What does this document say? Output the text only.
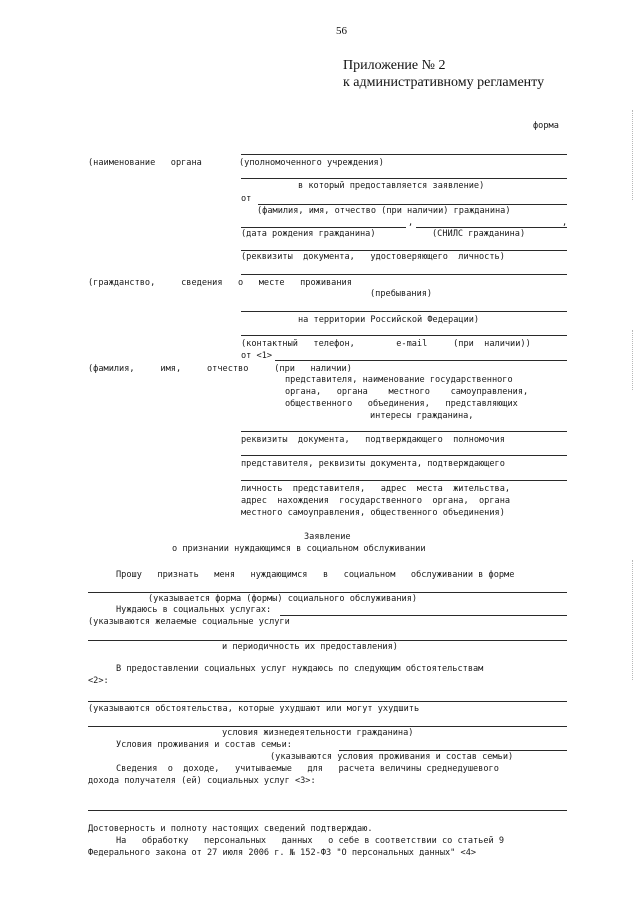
56
Приложение № 2
к административному регламенту
форма
(наименование   органа	(уполномоченного учреждения)
в который предоставляется заявление)
от
(фамилия, имя, отчество (при наличии) гражданина)
,	,
(дата рождения гражданина)	(СНИЛС гражданина)
(реквизиты  документа,   удостоверяющего  личность)
(гражданство,     сведения   о   месте   проживания
(пребывания)
на территории Российской Федерации)
(контактный   телефон,        e-mail     (при  наличии))
от <1>
(фамилия,     имя,     отчество     (при   наличии)
представителя, наименование государственного
органа,   органа    местного    самоуправления,
общественного   объединения,   представляющих
интересы гражданина,
реквизиты  документа,   подтверждающего  полномочия
представителя, реквизиты документа, подтверждающего
личность  представителя,   адрес  места  жительства,
адрес  нахождения  государственного  органа,  органа
местного самоуправления, общественного объединения)
Заявление
о признании нуждающимся в социальном обслуживании
Прошу   признать   меня   нуждающимся   в   социальном   обслуживании в форме
(указывается форма (формы) социального обслуживания)
Нуждаюсь в социальных услугах:
(указываются желаемые социальные услуги
и периодичность их предоставления)
В предоставлении социальных услуг нуждаюсь по следующим обстоятельствам
<2>:
(указываются обстоятельства, которые ухудшают или могут ухудшить
условия жизнедеятельности гражданина)
Условия проживания и состав семьи:
(указываются условия проживания и состав семьи)
Сведения  о  доходе,   учитываемые   для   расчета величины среднедушевого
дохода получателя (ей) социальных услуг <3>:
Достоверность и полноту настоящих сведений подтверждаю.
На   обработку   персональных   данных   о себе в соответствии со статьей 9
Федерального закона от 27 июля 2006 г. № 152-ФЗ "О персональных данных" <4>
